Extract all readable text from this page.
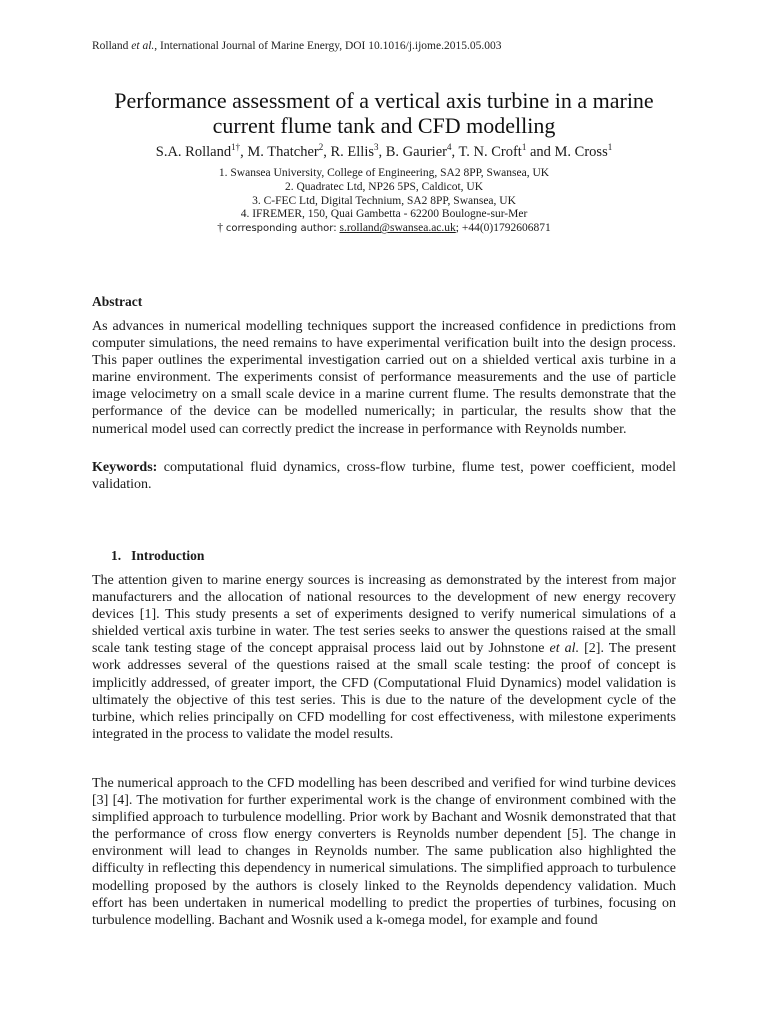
Rolland et al., International Journal of Marine Energy, DOI 10.1016/j.ijome.2015.05.003
Performance assessment of a vertical axis turbine in a marine
current flume tank and CFD modelling
S.A. Rolland$^{1\dagger}$, M. Thatcher$^2$, R. Ellis$^3$, B. Gaurier$^4$, T. N. Croft$^1$ and M. Cross$^1$
1. Swansea University, College of Engineering, SA2 8PP, Swansea, UK
2. Quadratec Ltd, NP26 5PS, Caldicot, UK
3. C-FEC Ltd, Digital Technium, SA2 8PP, Swansea, UK
4. IFREMER, 150, Quai Gambetta - 62200 Boulogne-sur-Mer
† corresponding author: s.rolland@swansea.ac.uk; +44(0)1792606871
Abstract

As advances in numerical modelling techniques support the increased confidence in predictions from computer simulations, the need remains to have experimental verification built into the design process. This paper outlines the experimental investigation carried out on a shielded vertical axis turbine in a marine environment. The experiments consist of performance measurements and the use of particle image velocimetry on a small scale device in a marine current flume. The results demonstrate that the performance of the device can be modelled numerically; in particular, the results show that the numerical model used can correctly predict the increase in performance with Reynolds number.

Keywords: computational fluid dynamics, cross-flow turbine, flume test, power coefficient, model validation.

1. Introduction

The attention given to marine energy sources is increasing as demonstrated by the interest from major manufacturers and the allocation of national resources to the development of new energy recovery devices [1]. This study presents a set of experiments designed to verify numerical simulations of a shielded vertical axis turbine in water. The test series seeks to answer the questions raised at the small scale tank testing stage of the concept appraisal process laid out by Johnstone et al. [2]. The present work addresses several of the questions raised at the small scale testing: the proof of concept is implicitly addressed, of greater import, the CFD (Computational Fluid Dynamics) model validation is ultimately the objective of this test series. This is due to the nature of the development cycle of the turbine, which relies principally on CFD modelling for cost effectiveness, with milestone experiments integrated in the process to validate the model results.

The numerical approach to the CFD modelling has been described and verified for wind turbine devices [3] [4]. The motivation for further experimental work is the change of environment combined with the simplified approach to turbulence modelling. Prior work by Bachant and Wosnik demonstrated that that the performance of cross flow energy converters is Reynolds number dependent [5]. The change in environment will lead to changes in Reynolds number. The same publication also highlighted the difficulty in reflecting this dependency in numerical simulations. The simplified approach to turbulence modelling proposed by the authors is closely linked to the Reynolds dependency validation. Much effort has been undertaken in numerical modelling to predict the properties of turbines, focusing on turbulence modelling. Bachant and Wosnik used a k-omega model, for example and found
